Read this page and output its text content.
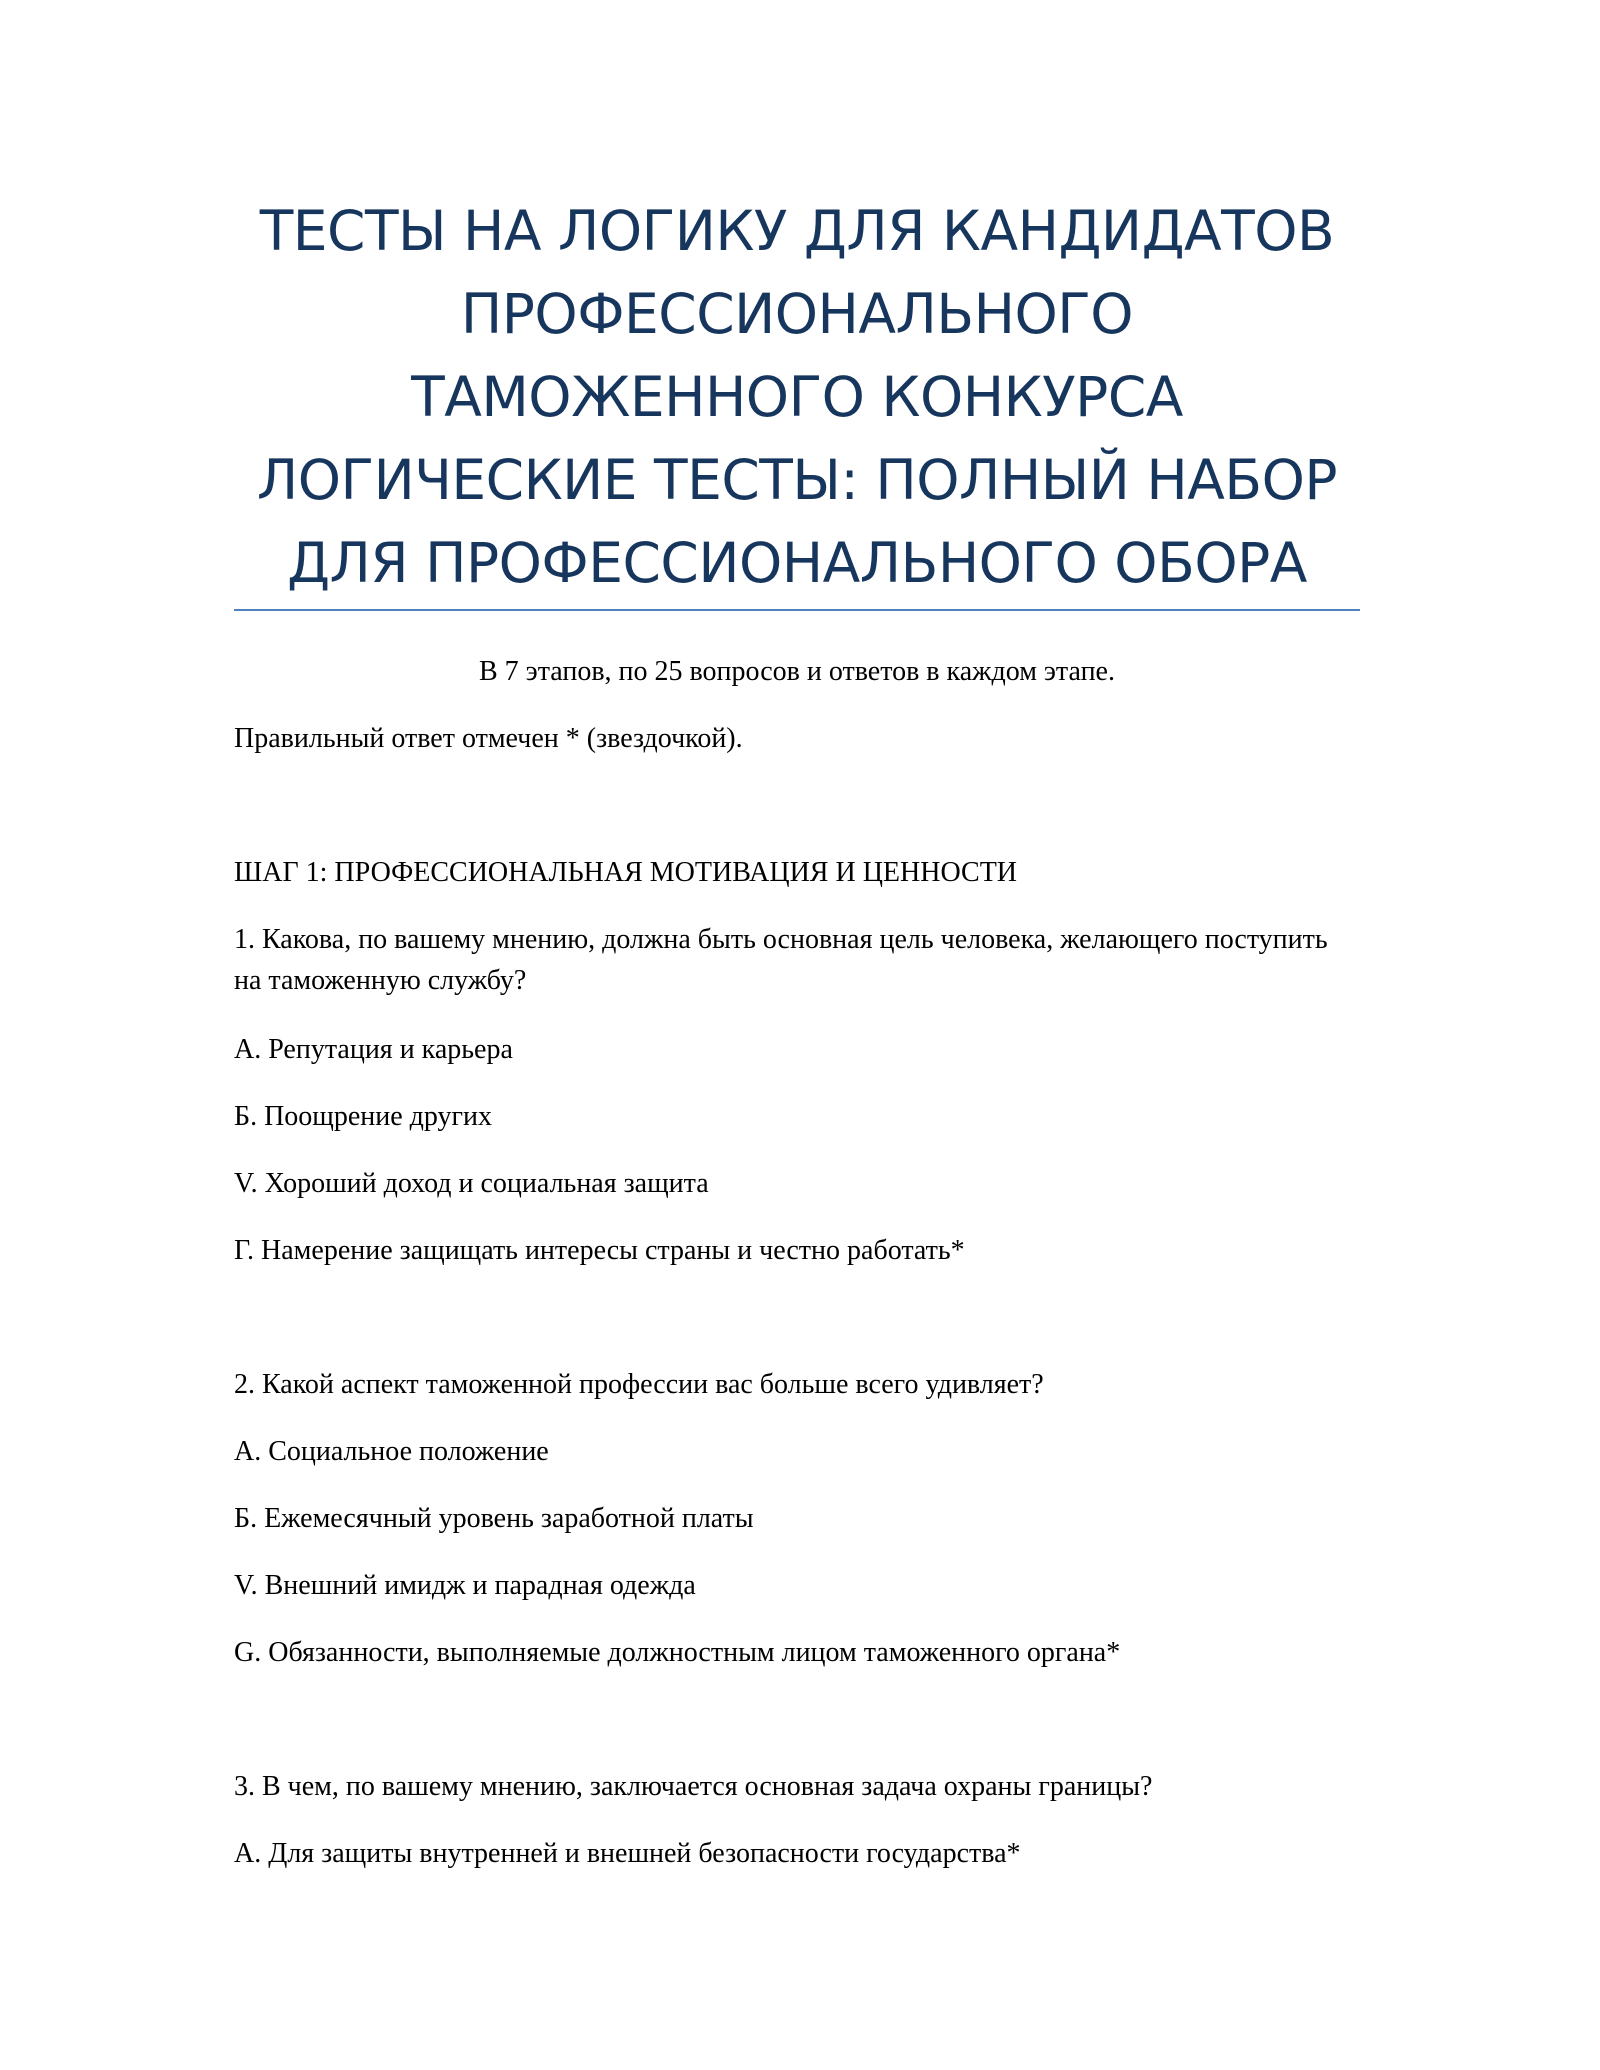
ТЕСТЫ НА ЛОГИКУ ДЛЯ КАНДИДАТОВ
ПРОФЕССИОНАЛЬНОГО
ТАМОЖЕННОГО КОНКУРСА
ЛОГИЧЕСКИЕ ТЕСТЫ: ПОЛНЫЙ НАБОР
ДЛЯ ПРОФЕССИОНАЛЬНОГО ОБОРА
В 7 этапов, по 25 вопросов и ответов в каждом этапе.
Правильный ответ отмечен * (звездочкой).
ШАГ 1: ПРОФЕССИОНАЛЬНАЯ МОТИВАЦИЯ И ЦЕННОСТИ
1. Какова, по вашему мнению, должна быть основная цель человека, желающего поступить на таможенную службу?
A. Репутация и карьера
Б. Поощрение других
V. Хороший доход и социальная защита
Г. Намерение защищать интересы страны и честно работать*
2. Какой аспект таможенной профессии вас больше всего удивляет?
A. Социальное положение
Б. Ежемесячный уровень заработной платы
V. Внешний имидж и парадная одежда
G. Обязанности, выполняемые должностным лицом таможенного органа*
3. В чем, по вашему мнению, заключается основная задача охраны границы?
A. Для защиты внутренней и внешней безопасности государства*
